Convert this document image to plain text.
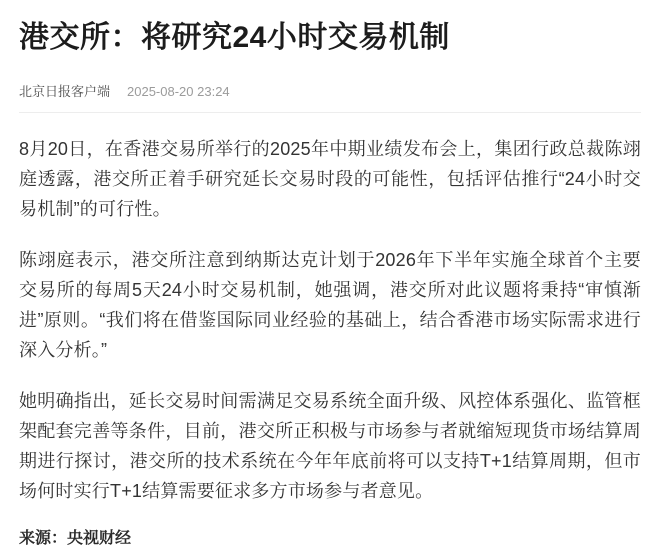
港交所：将研究24小时交易机制
北京日报客户端 2025-08-20 23:24

8月20日，在香港交易所举行的2025年中期业绩发布会上，集团行政总裁陈翊庭透露，港交所正着手研究延长交易时段的可能性，包括评估推行“24小时交易机制”的可行性。

陈翊庭表示，港交所注意到纳斯达克计划于2026年下半年实施全球首个主要交易所的每周5天24小时交易机制，她强调，港交所对此议题将秉持“审慎渐进”原则。“我们将在借鉴国际同业经验的基础上，结合香港市场实际需求进行深入分析。”

她明确指出，延长交易时间需满足交易系统全面升级、风控体系强化、监管框架配套完善等条件，目前，港交所正积极与市场参与者就缩短现货市场结算周期进行探讨，港交所的技术系统在今年年底前将可以支持T+1结算周期，但市场何时实行T+1结算需要征求多方市场参与者意见。

来源：央视财经
